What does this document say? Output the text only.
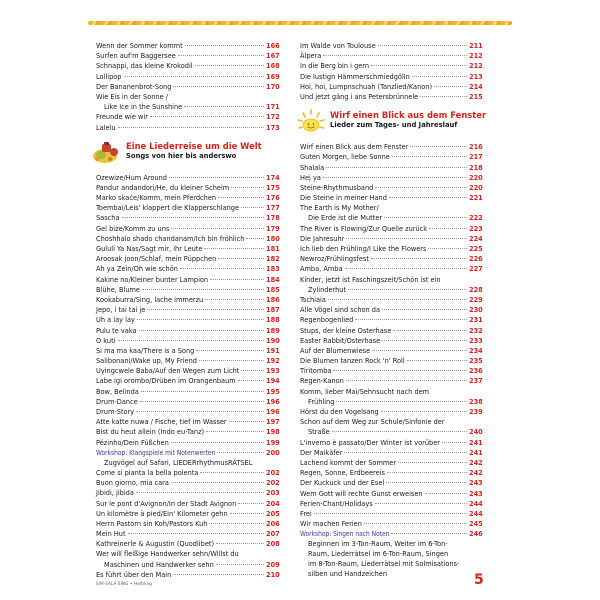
Wenn der Sommer kommt	166
Surfen auf'm Baggersee	167
Schnappi, das kleine Krokodil	168
Lollipop	169
Der Bananenbrot-Song	170
Wie Eis in der Sonne /
Like Ice in the Sunshine	171
Freunde wie wir	172
Lalelu	173
Eine Liederreise um die Welt
Songs von hier bis anderswo
Ozewize/Hum Around	174
Pandur andandori/He, du kleiner Schelm	175
Marko skaće/Komm, mein Pferdchen	176
Toembai/Leis' klappert die Klapperschlange	177
Sascha	178
Gel bize/Komm zu uns	179
Choshhalo shado chandanam/Ich bin fröhlich	180
Gululi Ya Nas/Sagt mir, ihr Leute	181
Aroosak joon/Schlaf, mein Püppchen	182
Ah ya Zein/Oh wie schön	183
Kakine no/Kleiner bunter Lampion	184
Blühe, Blume	185
Kookaburra/Sing, lache immerzu	186
Jepo, i tai tai je	187
Uh a lay lay	188
Pulu te vaka	189
O kuti	190
Si ma ma kaa/There is a Song	191
Salibonani/Wake up, My Friend	192
Uyingcwele Baba/Auf den Wegen zum Licht	193
Labe igi orombo/Drüben im Orangenbaum	194
Bow, Belinda	195
Drum-Dance	196
Drum-Story	196
Atte katte nuwa / Fische, tief im Wasser	197
Bist du heut allein (Indo eu-Tanz)	198
Pézinho/Dein Füßchen	199
Workshop: Klangspiele mit Notenwerten	200
Zugvögel auf Safari, LIEDERrhythmusRÄTSEL
Come si pianta la bella polenta	202
Buon giorno, mia cara	202
Jibidi, jibida	203
Sur le pont d'Avignon/In der Stadt Avignon	204
Un kilomètre à pied/Ein' Kilometer gehn	205
Herrn Pastorn sin Koh/Pastors Kuh	206
Mein Hut	207
Kathreinerle & Augustin (Quodlibet)	208
Wer will fleißige Handwerker sehn/Willst du
Maschinen und Handwerker sehn	209
Es führt über den Main	210
Im Walde von Toulouse	211
Älpera	212
In die Berg bin i gern	212
Die lustign Hämmerschmiedgölln	213
Hoi, hoi, Lumpnschuah (Tanzlied/Kanon)	214
Und jetzt gäng i ans Petersbrünnele	215
Wirf einen Blick aus dem Fenster
Lieder zum Tages- und Jahreslauf
Wirf einen Blick aus dem Fenster	216
Guten Morgen, liebe Sonne	217
Shalala	218
Hej ya	220
Steine-Rhythmusband	220
Die Steine in meiner Hand	221
The Earth is My Mother/
Die Erde ist die Mutter	222
The River is Flowing/Zur Quelle zurück	223
Die Jahresuhr	224
Ich lieb den Frühling/I Like the Flowers	225
Newroz/Frühlingsfest	226
Amba, Amba	227
Kinder, jetzt ist Faschingszeit/Schön ist ein
Zylinderhut	228
Tschiaia	229
Alle Vögel sind schon da	230
Regenbogenlied	231
Stups, der kleine Osterhase	232
Easter Rabbit/Osterhase	233
Auf der Blumenwiese	234
Die Blumen tanzen Rock 'n' Roll	235
Tiritomba	236
Regen-Kanon	237
Komm, lieber Mai/Sehnsucht nach dem
Frühling	238
Hörst du den Vogelsang	239
Schon auf dem Weg zur Schule/Sinfonie der
Straße	240
L'inverno è passato/Der Winter ist vorüber	241
Der Maikäfer	241
Lachend kommt der Sommer	242
Regen, Sonne, Erdbeereis	242
Der Kuckuck und der Esel	243
Wem Gott will rechte Gunst erweisen	243
Ferien-Chant/Holidays	244
Frei	244
Wir machen Ferien	245
Workshop: Singen nach Noten	246
Beginnen im 3-Ton-Raum, Weiter im 6-Ton-
Raum, Liederrätsel im 6-Ton-Raum, Singen
im 8-Ton-Raum, Liederrätsel mit Solmisations-
silben und Handzeichen
SIM·SALA·SING • Helbling	5
